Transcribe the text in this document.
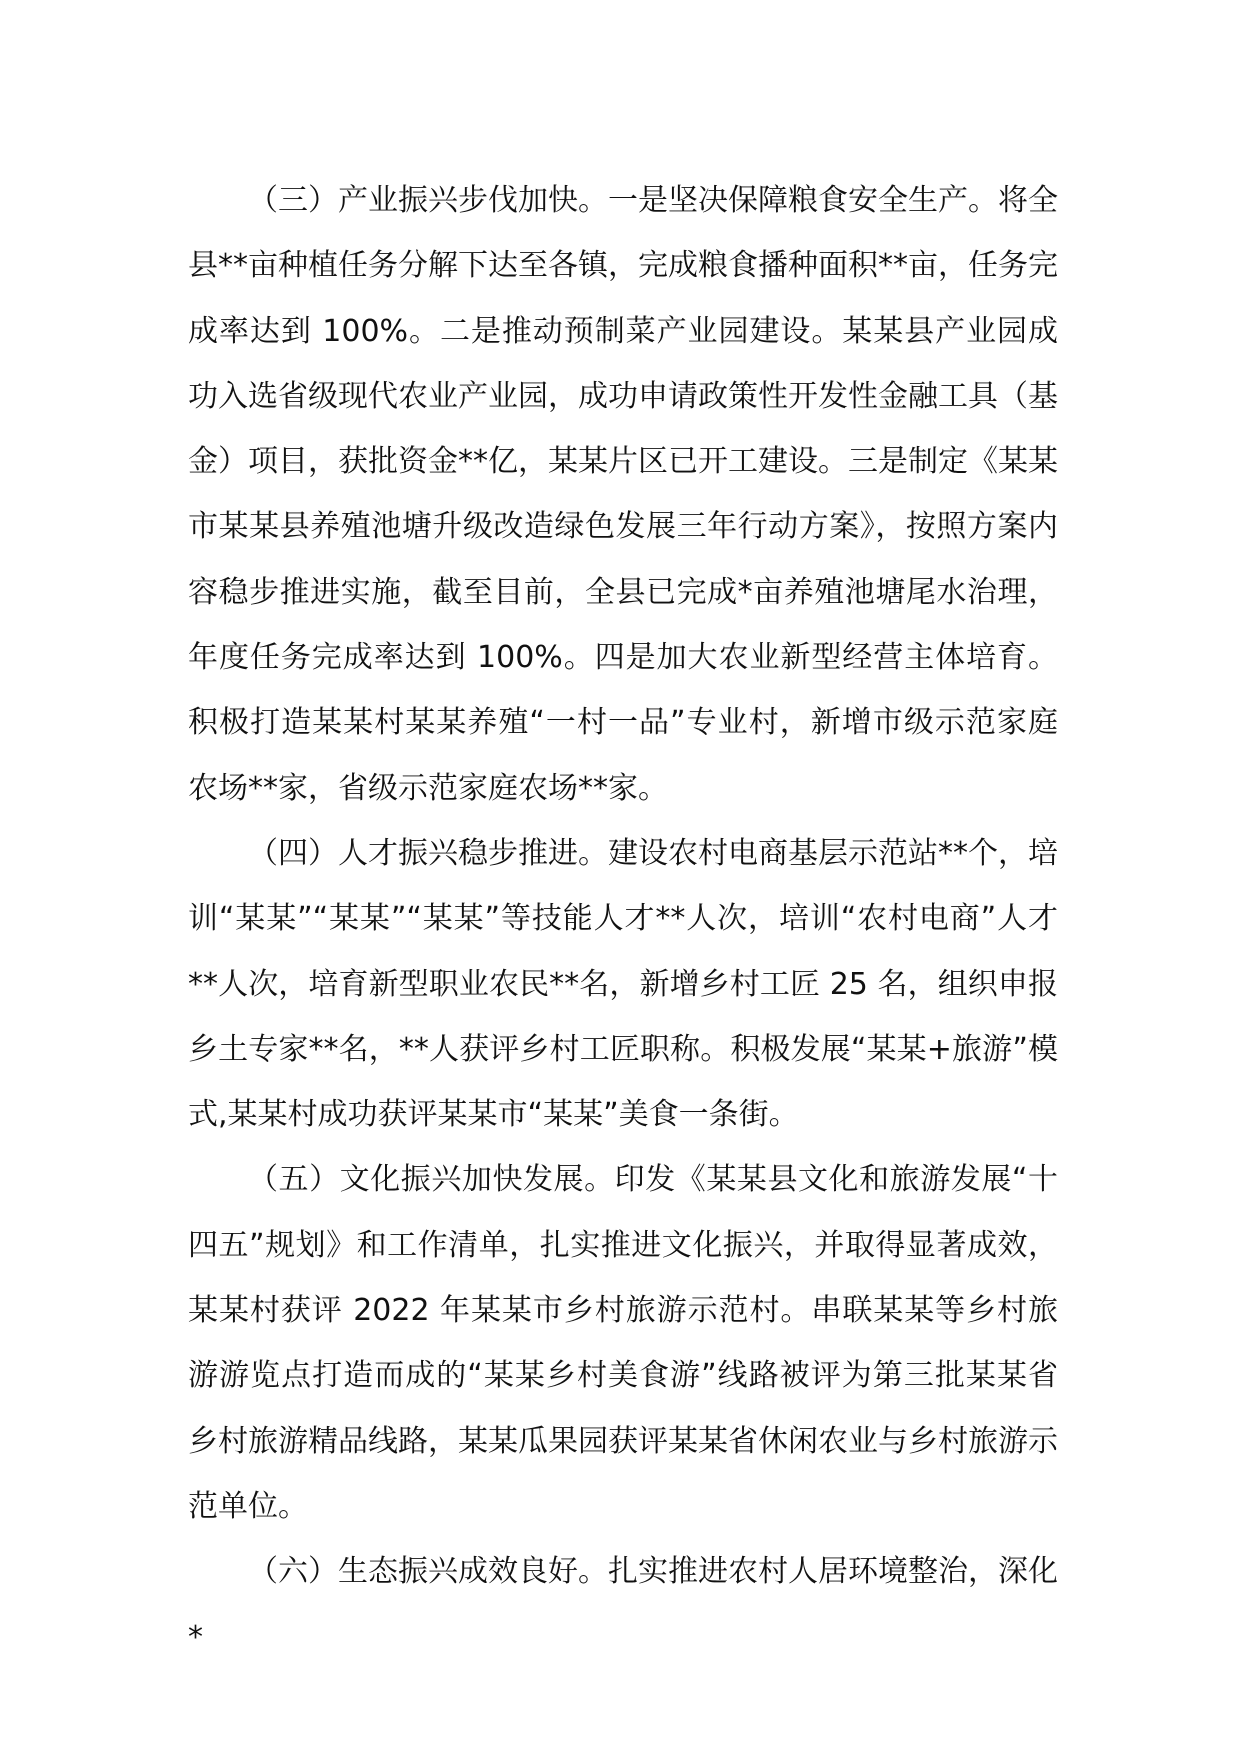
（三）产业振兴步伐加快。一是坚决保障粮食安全生产。将全县**亩种植任务分解下达至各镇，完成粮食播种面积**亩，任务完成率达到 100%。二是推动预制菜产业园建设。某某县产业园成功入选省级现代农业产业园，成功申请政策性开发性金融工具（基金）项目，获批资金**亿，某某片区已开工建设。三是制定《某某市某某县养殖池塘升级改造绿色发展三年行动方案》，按照方案内容稳步推进实施，截至目前，全县已完成*亩养殖池塘尾水治理，年度任务完成率达到 100%。四是加大农业新型经营主体培育。积极打造某某村某某养殖“一村一品”专业村，新增市级示范家庭农场**家，省级示范家庭农场**家。

（四）人才振兴稳步推进。建设农村电商基层示范站**个，培训“某某”“某某”“某某”等技能人才**人次，培训“农村电商”人才**人次，培育新型职业农民**名，新增乡村工匠 25 名，组织申报乡土专家**名，**人获评乡村工匠职称。积极发展“某某+旅游”模式,某某村成功获评某某市“某某”美食一条街。

（五）文化振兴加快发展。印发《某某县文化和旅游发展“十四五”规划》和工作清单，扎实推进文化振兴，并取得显著成效，某某村获评 2022 年某某市乡村旅游示范村。串联某某等乡村旅游游览点打造而成的“某某乡村美食游”线路被评为第三批某某省乡村旅游精品线路，某某瓜果园获评某某省休闲农业与乡村旅游示范单位。

（六）生态振兴成效良好。扎实推进农村人居环境整治，深化*
